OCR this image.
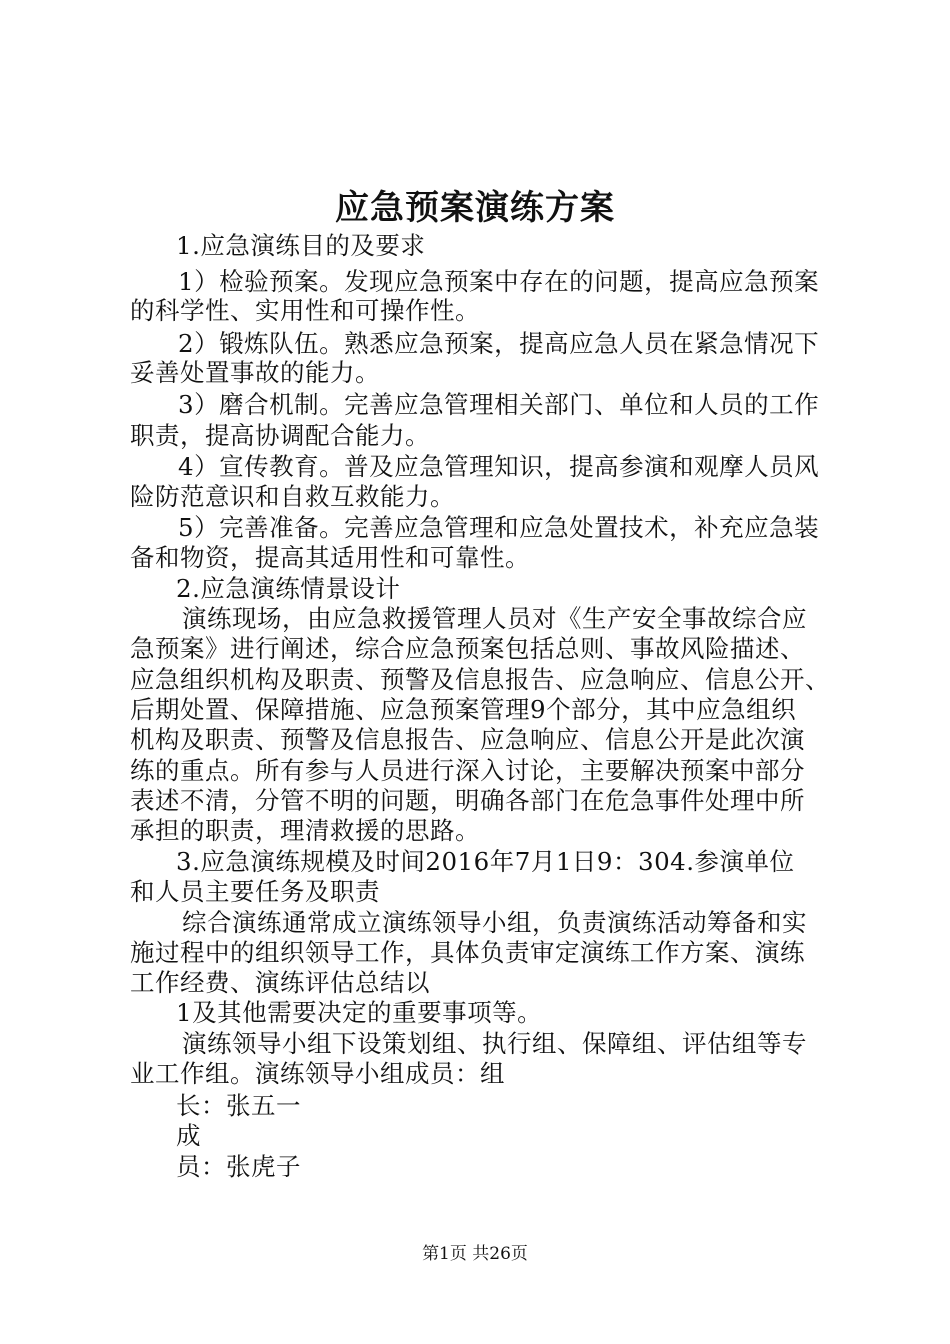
应急预案演练方案
1.应急演练目的及要求
1）检验预案。发现应急预案中存在的问题，提高应急预案
的科学性、实用性和可操作性。
2）锻炼队伍。熟悉应急预案，提高应急人员在紧急情况下
妥善处置事故的能力。
3）磨合机制。完善应急管理相关部门、单位和人员的工作
职责，提高协调配合能力。
4）宣传教育。普及应急管理知识，提高参演和观摩人员风
险防范意识和自救互救能力。
5）完善准备。完善应急管理和应急处置技术，补充应急装
备和物资，提高其适用性和可靠性。
2.应急演练情景设计
演练现场，由应急救援管理人员对《生产安全事故综合应
急预案》进行阐述，综合应急预案包括总则、事故风险描述、
应急组织机构及职责、预警及信息报告、应急响应、信息公开、
后期处置、保障措施、应急预案管理9个部分，其中应急组织
机构及职责、预警及信息报告、应急响应、信息公开是此次演
练的重点。所有参与人员进行深入讨论，主要解决预案中部分
表述不清，分管不明的问题，明确各部门在危急事件处理中所
承担的职责，理清救援的思路。
3.应急演练规模及时间2016年7月1日9：304.参演单位
和人员主要任务及职责
综合演练通常成立演练领导小组，负责演练活动筹备和实
施过程中的组织领导工作，具体负责审定演练工作方案、演练
工作经费、演练评估总结以
1及其他需要决定的重要事项等。
演练领导小组下设策划组、执行组、保障组、评估组等专
业工作组。演练领导小组成员：组
长：张五一
成
员：张虎子
第1页 共26页
